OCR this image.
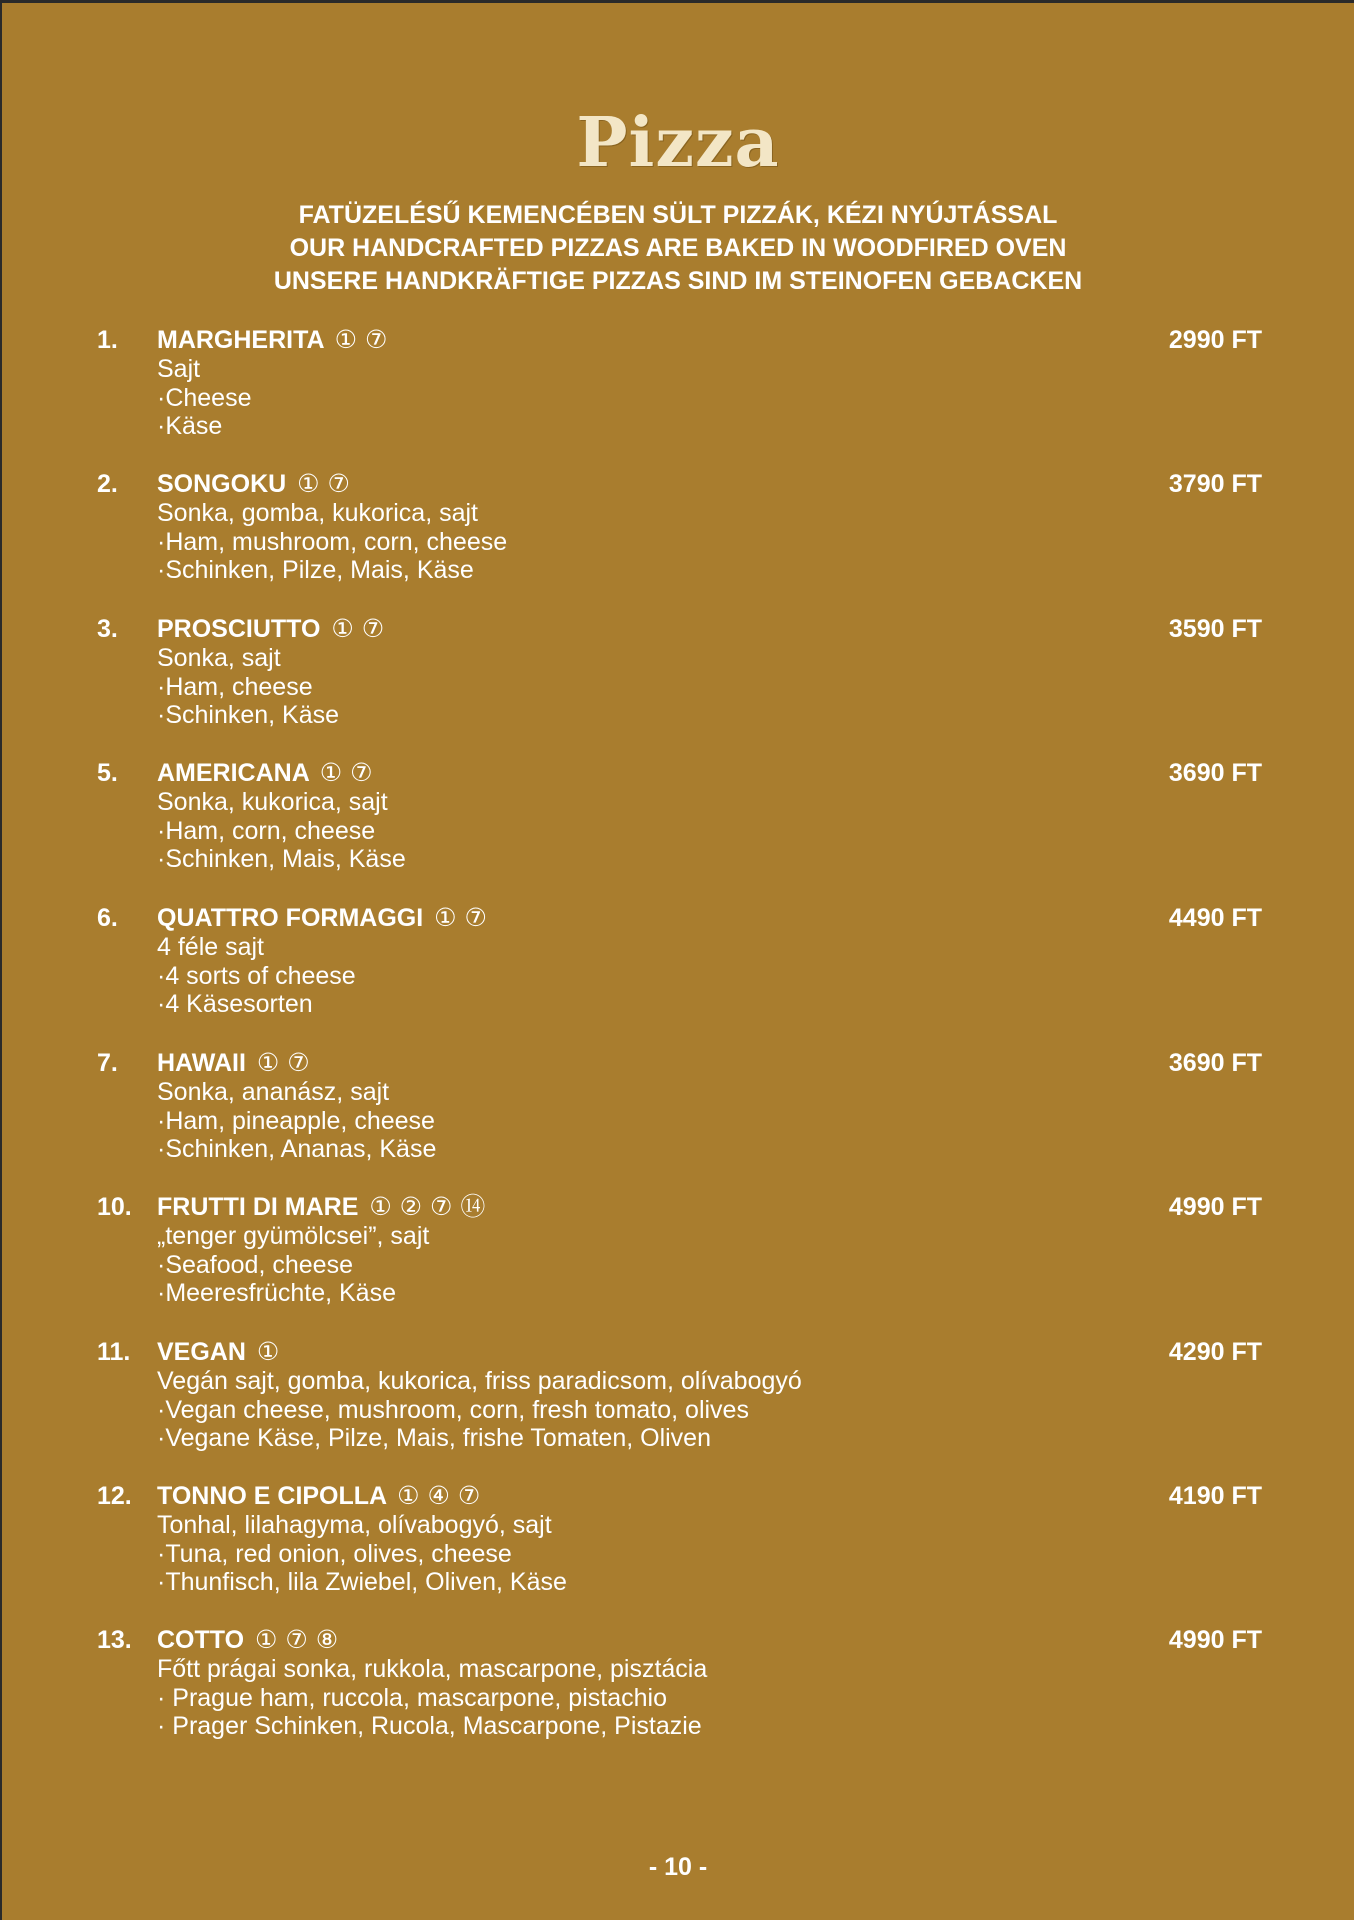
Pizza
FATÜZELÉSŰ KEMENCÉBEN SÜLT PIZZÁK, KÉZI NYÚJTÁSSAL
OUR HANDCRAFTED PIZZAS ARE BAKED IN WOODFIRED OVEN
UNSERE HANDKRÄFTIGE PIZZAS SIND IM STEINOFEN GEBACKEN
1. MARGHERITA ① ⑦	2990 FT
Sajt
·Cheese
·Käse
2. SONGOKU ① ⑦	3790 FT
Sonka, gomba, kukorica, sajt
·Ham, mushroom, corn, cheese
·Schinken, Pilze, Mais, Käse
3. PROSCIUTTO ① ⑦	3590 FT
Sonka, sajt
·Ham, cheese
·Schinken, Käse
5. AMERICANA ① ⑦	3690 FT
Sonka, kukorica, sajt
·Ham, corn, cheese
·Schinken, Mais, Käse
6. QUATTRO FORMAGGI ① ⑦	4490 FT
4 féle sajt
·4 sorts of cheese
·4 Käsesorten
7. HAWAII ① ⑦	3690 FT
Sonka, ananász, sajt
·Ham, pineapple, cheese
·Schinken, Ananas, Käse
10. FRUTTI DI MARE ① ② ⑦ ⑭	4990 FT
„tenger gyümölcsei”, sajt
·Seafood, cheese
·Meeresfrüchte, Käse
11. VEGAN ①	4290 FT
Vegán sajt, gomba, kukorica, friss paradicsom, olívabogyó
·Vegan cheese, mushroom, corn, fresh tomato, olives
·Vegane Käse, Pilze, Mais, frishe Tomaten, Oliven
12. TONNO E CIPOLLA ① ④ ⑦	4190 FT
Tonhal, lilahagyma, olívabogyó, sajt
·Tuna, red onion, olives, cheese
·Thunfisch, lila Zwiebel, Oliven, Käse
13. COTTO ① ⑦ ⑧	4990 FT
Főtt prágai sonka, rukkola, mascarpone, pisztácia
· Prague ham, ruccola, mascarpone, pistachio
· Prager Schinken, Rucola, Mascarpone, Pistazie
- 10 -
